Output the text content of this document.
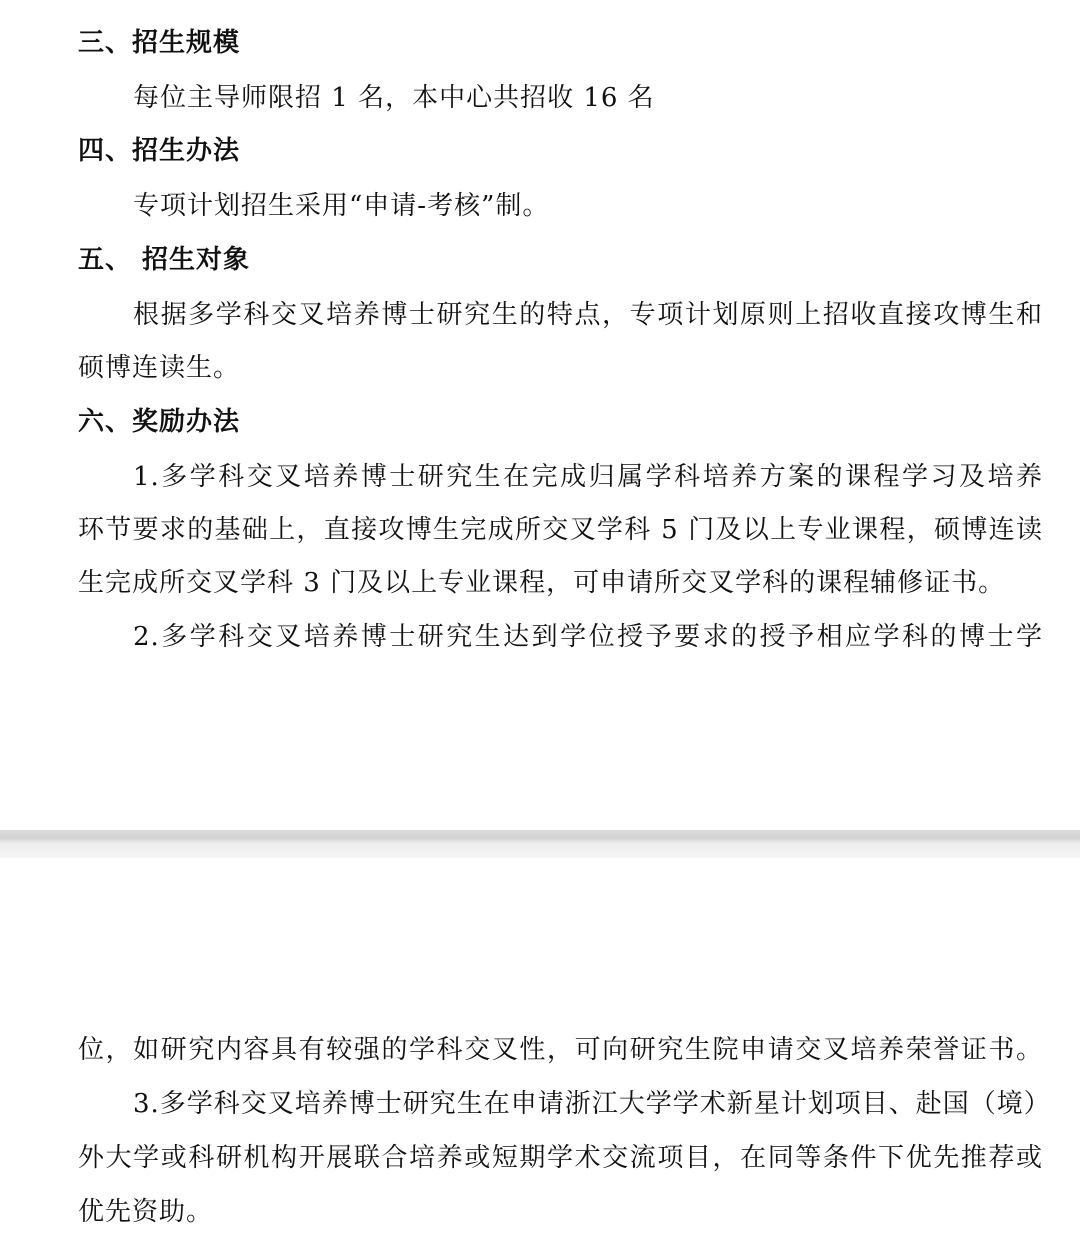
三、招生规模
每位主导师限招 1 名，本中心共招收 16 名
四、招生办法
专项计划招生采用“申请-考核”制。
五、 招生对象
根据多学科交叉培养博士研究生的特点，专项计划原则上招收直接攻博生和
硕博连读生。
六、奖励办法
1.多学科交叉培养博士研究生在完成归属学科培养方案的课程学习及培养
环节要求的基础上，直接攻博生完成所交叉学科 5 门及以上专业课程，硕博连读
生完成所交叉学科 3 门及以上专业课程，可申请所交叉学科的课程辅修证书。
2.多学科交叉培养博士研究生达到学位授予要求的授予相应学科的博士学
位，如研究内容具有较强的学科交叉性，可向研究生院申请交叉培养荣誉证书。
3.多学科交叉培养博士研究生在申请浙江大学学术新星计划项目、赴国（境）
外大学或科研机构开展联合培养或短期学术交流项目，在同等条件下优先推荐或
优先资助。
